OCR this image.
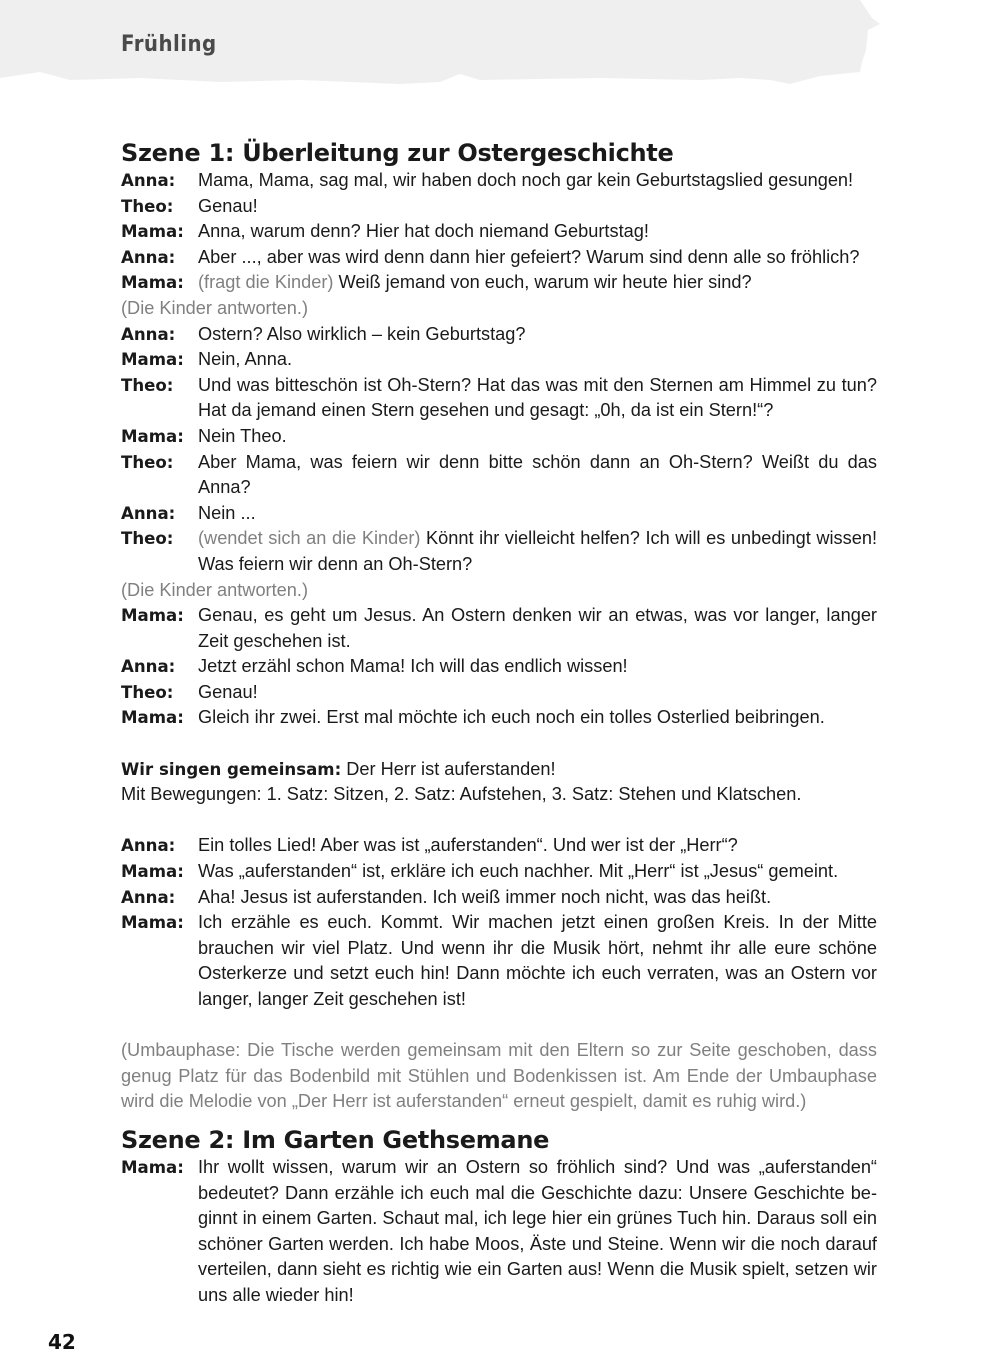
Frühling
Szene 1: Überleitung zur Ostergeschichte
Anna:	Mama, Mama, sag mal, wir haben doch noch gar kein Geburtstagslied gesungen!
Theo:	Genau!
Mama: Anna, warum denn? Hier hat doch niemand Geburtstag!
Anna:	Aber ..., aber was wird denn dann hier gefeiert? Warum sind denn alle so fröhlich?
Mama: (fragt die Kinder) Weiß jemand von euch, warum wir heute hier sind?
(Die Kinder antworten.)
Anna:	Ostern? Also wirklich – kein Geburtstag?
Mama: Nein, Anna.
Theo:	Und was bitteschön ist Oh-Stern? Hat das was mit den Sternen am Himmel zu tun? Hat da jemand einen Stern gesehen und gesagt: „0h, da ist ein Stern!“?
Mama: Nein Theo.
Theo:	Aber Mama, was feiern wir denn bitte schön dann an Oh-Stern? Weißt du das Anna?
Anna:	Nein ...
Theo:	(wendet sich an die Kinder) Könnt ihr vielleicht helfen? Ich will es unbedingt wissen! Was feiern wir denn an Oh-Stern?
(Die Kinder antworten.)
Mama: Genau, es geht um Jesus. An Ostern denken wir an etwas, was vor langer, langer Zeit geschehen ist.
Anna:	Jetzt erzähl schon Mama! Ich will das endlich wissen!
Theo:	Genau!
Mama: Gleich ihr zwei. Erst mal möchte ich euch noch ein tolles Osterlied beibringen.
Wir singen gemeinsam: Der Herr ist auferstanden!
Mit Bewegungen: 1. Satz: Sitzen, 2. Satz: Aufstehen, 3. Satz: Stehen und Klatschen.
Anna:	Ein tolles Lied! Aber was ist „auferstanden“. Und wer ist der „Herr“?
Mama: Was „auferstanden“ ist, erkläre ich euch nachher. Mit „Herr“ ist „Jesus“ gemeint.
Anna:	Aha! Jesus ist auferstanden. Ich weiß immer noch nicht, was das heißt.
Mama: Ich erzähle es euch. Kommt. Wir machen jetzt einen großen Kreis. In der Mitte brauchen wir viel Platz. Und wenn ihr die Musik hört, nehmt ihr alle eure schöne Osterkerze und setzt euch hin! Dann möchte ich euch verraten, was an Ostern vor langer, langer Zeit geschehen ist!
(Umbauphase: Die Tische werden gemeinsam mit den Eltern so zur Seite geschoben, dass genug Platz für das Bodenbild mit Stühlen und Bodenkissen ist. Am Ende der Umbauphase wird die Melodie von „Der Herr ist auferstanden“ erneut gespielt, damit es ruhig wird.)
Szene 2: Im Garten Gethsemane
Mama: Ihr wollt wissen, warum wir an Ostern so fröhlich sind? Und was „auferstanden“ bedeutet? Dann erzähle ich euch mal die Geschichte dazu: Unsere Geschichte beginnt in einem Garten. Schaut mal, ich lege hier ein grünes Tuch hin. Daraus soll ein schöner Garten werden. Ich habe Moos, Äste und Steine. Wenn wir die noch darauf verteilen, dann sieht es richtig wie ein Garten aus! Wenn die Musik spielt, setzen wir uns alle wieder hin!
42
